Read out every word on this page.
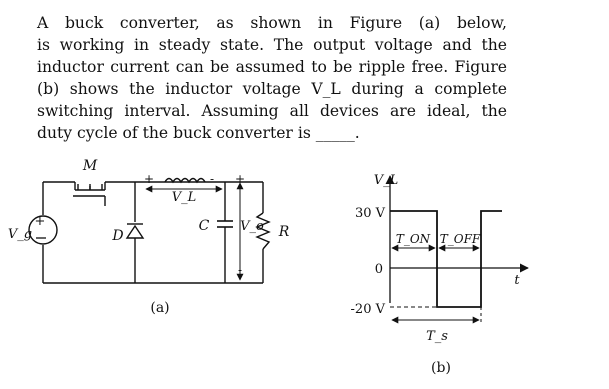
A buck converter, as shown in Figure (a) below,
is working in steady state. The output voltage and the
inductor current can be assumed to be ripple free. Figure
(b) shows the inductor voltage V_L during a complete
switching interval. Assuming all devices are ideal, the
duty cycle of the buck converter is _____.
+
M
D
C	R
V_g
V_L
V_o
+	- +
-
(a)
V_L
t
30 V
0
-20 V
T_ON T_OFF
T_s
(b)
